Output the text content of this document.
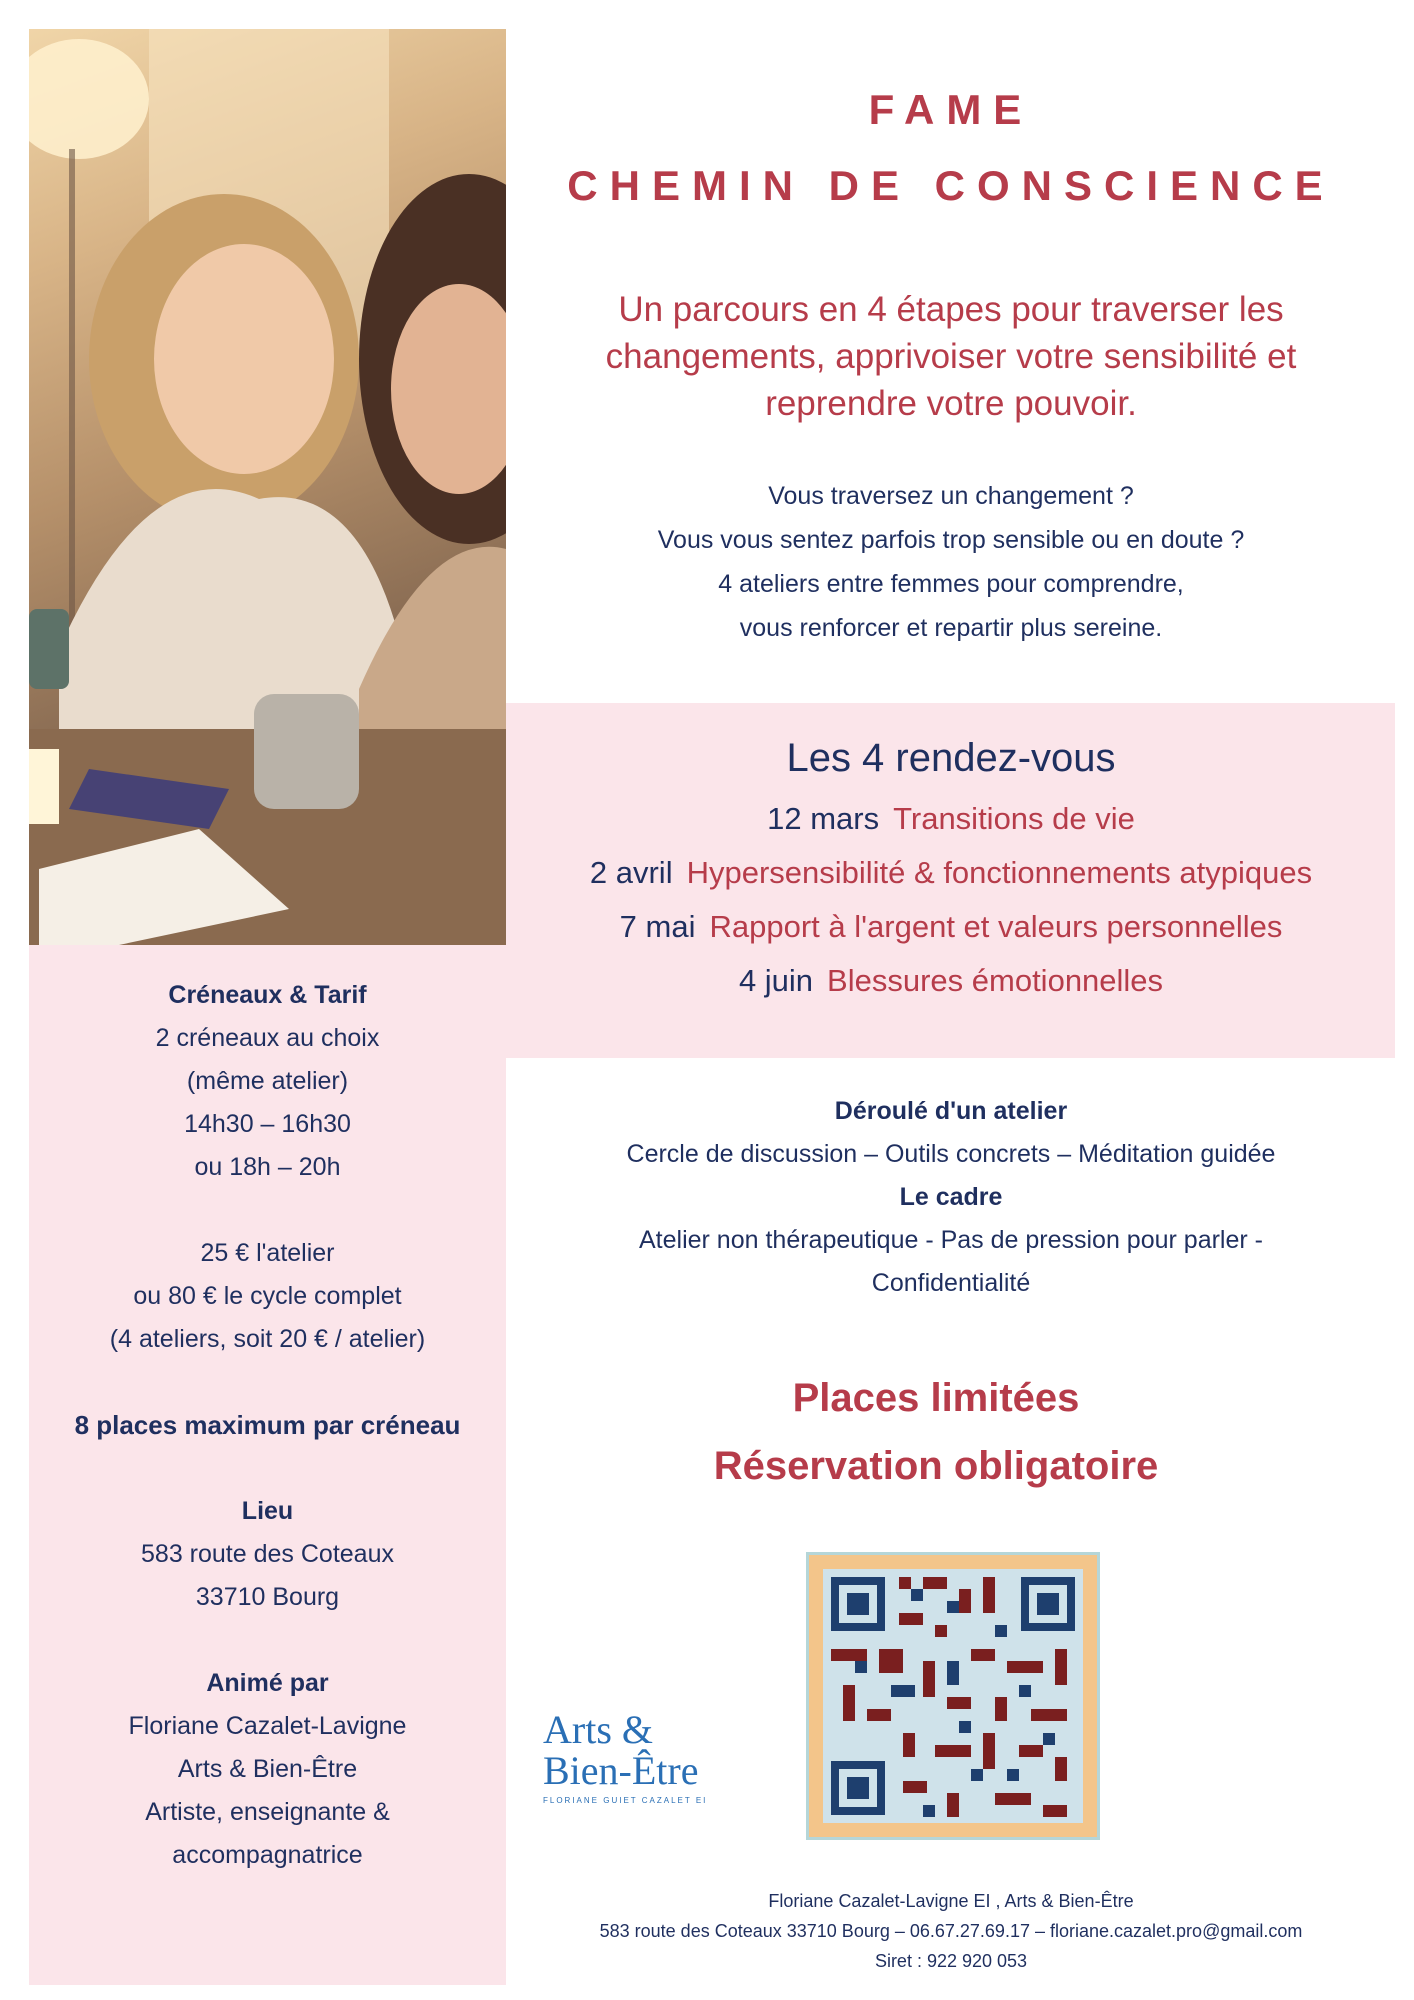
Créneaux & Tarif
2 créneaux au choix
(même atelier)
14h30 – 16h30
ou 18h – 20h
25 € l'atelier
ou 80 € le cycle complet
(4 ateliers, soit 20 € / atelier)
8 places maximum par créneau
Lieu
583 route des Coteaux
33710 Bourg
Animé par
Floriane Cazalet-Lavigne
Arts & Bien-Être
Artiste, enseignante &
accompagnatrice
FAME
CHEMIN DE CONSCIENCE
Un parcours en 4 étapes pour traverser les
changements, apprivoiser votre sensibilité et
reprendre votre pouvoir.
Vous traversez un changement ?
Vous vous sentez parfois trop sensible ou en doute ?
4 ateliers entre femmes pour comprendre,
vous renforcer et repartir plus sereine.
Les 4 rendez-vous
12 mars Transitions de vie
2 avril Hypersensibilité & fonctionnements atypiques
7 mai Rapport à l'argent et valeurs personnelles
4 juin Blessures émotionnelles
Déroulé d'un atelier
Cercle de discussion – Outils concrets – Méditation guidée
Le cadre
Atelier non thérapeutique - Pas de pression pour parler -
Confidentialité
Places limitées
Réservation obligatoire
Arts &
Bien-Être
FLORIANE GUIET CAZALET EI
Floriane Cazalet-Lavigne EI , Arts & Bien-Être
583 route des Coteaux 33710 Bourg – 06.67.27.69.17 – floriane.cazalet.pro@gmail.com
Siret : 922 920 053
